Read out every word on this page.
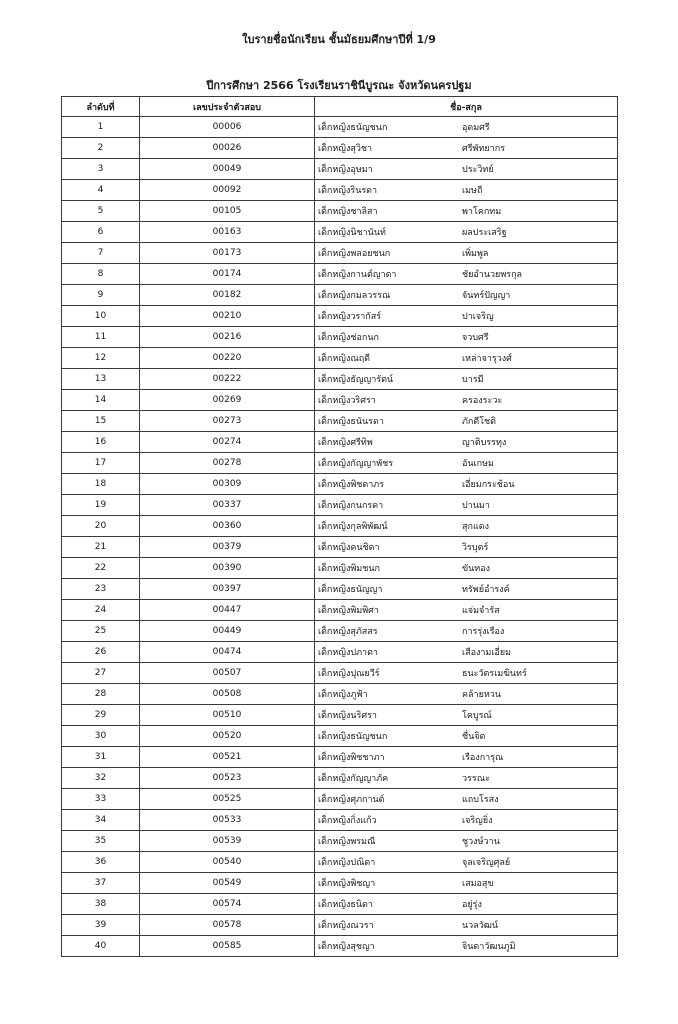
ใบรายชื่อนักเรียน ชั้นมัธยมศึกษาปีที่ 1/9
ปีการศึกษา 2566 โรงเรียนราชินีบูรณะ จังหวัดนครปฐม
ลำดับที่	เลขประจำตัวสอบ	ชื่อ-สกุล
1	00006	เด็กหญิงธนัญชนก อุดมศรี
2	00026	เด็กหญิงสุวิชา ศรีพัทยากร
3	00049	เด็กหญิงอุษมา ประวิทย์
4	00092	เด็กหญิงรินรดา เมษถี
5	00105	เด็กหญิงชาลิสา พาโคกทม
6	00163	เด็กหญิงนิชานันท์ ผลประเสริฐ
7	00173	เด็กหญิงพลอยชนก เพิ่มพูล
8	00174	เด็กหญิงกานต์ญาดา ชัยอำนวยพรกุล
9	00182	เด็กหญิงกมลวรรณ จันทร์ปัญญา
10	00210	เด็กหญิงวรากัสร์ ปาเจริญ
11	00216	เด็กหญิงช่อกนก จวบศรี
12	00220	เด็กหญิงณฤดี เหล่าจารุวงศ์
13	00222	เด็กหญิงธัญญารัตน์ บารมี
14	00269	เด็กหญิงวริศรา ครองระวะ
15	00273	เด็กหญิงธนันรดา ภักดีโชติ
16	00274	เด็กหญิงศรีทิพ ญาติบรรทุง
17	00278	เด็กหญิงกัญญาพัชร อันเกษม
18	00309	เด็กหญิงพิชดาภร เอี่ยมกระช้อน
19	00337	เด็กหญิงกนกรดา ปานมา
20	00360	เด็กหญิงกุลพิพัฒน์ สุกแดง
21	00379	เด็กหญิงคนชิดา วิรบุตร์
22	00390	เด็กหญิงพิมชนก ขันทอง
23	00397	เด็กหญิงธนัญญา ทรัพย์อำรงค์
24	00447	เด็กหญิงพิมพิศา แจ่มจำรัส
25	00449	เด็กหญิงสุภัสสร การรุ่งเรือง
26	00474	เด็กหญิงปภาดา เสืองามเอี่ยม
27	00507	เด็กหญิงปุณยวีร์ ธนะวัตรเมฆินทร์
28	00508	เด็กหญิงภูฟ้า คล้ายหวน
29	00510	เด็กหญิงนริศรา โคบูรณ์
30	00520	เด็กหญิงธนัญชนก ชื่นจิต
31	00521	เด็กหญิงพิชชาภา เรืองการุณ
32	00523	เด็กหญิงกัญญาภัค วรรณะ
33	00525	เด็กหญิงศุภกานต์ แถบโรสง
34	00533	เด็กหญิงกิ่งแก้ว เจริญยิ่ง
35	00539	เด็กหญิงพรมณี ชูวงษ์วาน
36	00540	เด็กหญิงปณิดา จุลเจริญศุลย์
37	00549	เด็กหญิงพิชญา เสมอสุข
38	00574	เด็กหญิงธนิดา อยู่รุ่ง
39	00578	เด็กหญิงณวรา นวลวัฒน์
40	00585	เด็กหญิงสุชญา จินดาวัฒนภูมิ
